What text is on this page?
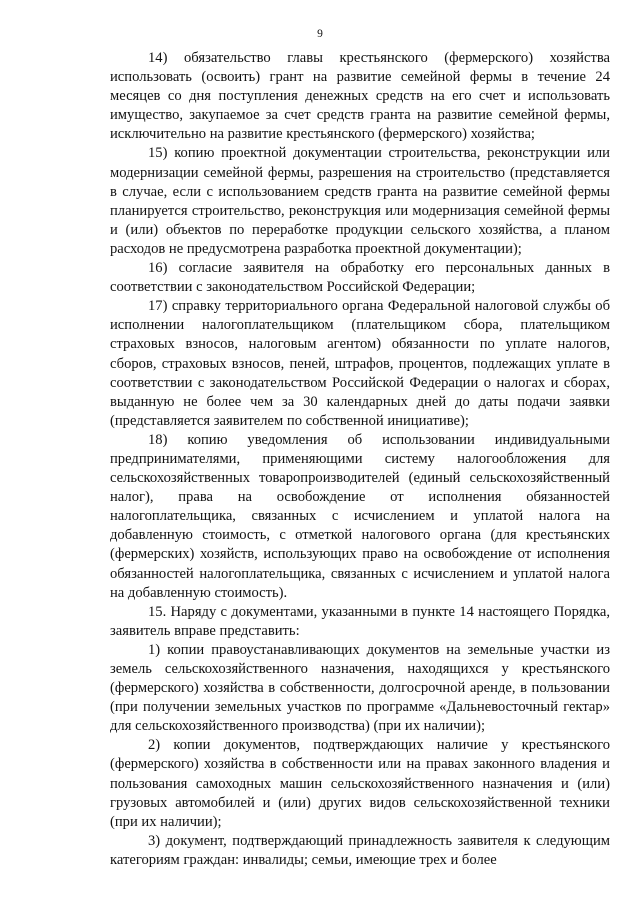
9

14) обязательство главы крестьянского (фермерского) хозяйства использовать (освоить) грант на развитие семейной фермы в течение 24 месяцев со дня поступления денежных средств на его счет и использовать имущество, закупаемое за счет средств гранта на развитие семейной фермы, исключительно на развитие крестьянского (фермерского) хозяйства;

15) копию проектной документации строительства, реконструкции или модернизации семейной фермы, разрешения на строительство (представляется в случае, если с использованием средств гранта на развитие семейной фермы планируется строительство, реконструкция или модернизация семейной фермы и (или) объектов по переработке продукции сельского хозяйства, а планом расходов не предусмотрена разработка проектной документации);

16) согласие заявителя на обработку его персональных данных в соответствии с законодательством Российской Федерации;

17) справку территориального органа Федеральной налоговой службы об исполнении налогоплательщиком (плательщиком сбора, плательщиком страховых взносов, налоговым агентом) обязанности по уплате налогов, сборов, страховых взносов, пеней, штрафов, процентов, подлежащих уплате в соответствии с законодательством Российской Федерации о налогах и сборах, выданную не более чем за 30 календарных дней до даты подачи заявки (представляется заявителем по собственной инициативе);

18) копию уведомления об использовании индивидуальными предпринимателями, применяющими систему налогообложения для сельскохозяйственных товаропроизводителей (единый сельскохозяйственный налог), права на освобождение от исполнения обязанностей налогоплательщика, связанных с исчислением и уплатой налога на добавленную стоимость, с отметкой налогового органа (для крестьянских (фермерских) хозяйств, использующих право на освобождение от исполнения обязанностей налогоплательщика, связанных с исчислением и уплатой налога на добавленную стоимость).

15. Наряду с документами, указанными в пункте 14 настоящего Порядка, заявитель вправе представить:

1) копии правоустанавливающих документов на земельные участки из земель сельскохозяйственного назначения, находящихся у крестьянского (фермерского) хозяйства в собственности, долгосрочной аренде, в пользовании (при получении земельных участков по программе «Дальневосточный гектар» для сельскохозяйственного производства) (при их наличии);

2) копии документов, подтверждающих наличие у крестьянского (фермерского) хозяйства в собственности или на правах законного владения и пользования самоходных машин сельскохозяйственного назначения и (или) грузовых автомобилей и (или) других видов сельскохозяйственной техники (при их наличии);

3) документ, подтверждающий принадлежность заявителя к следующим категориям граждан: инвалиды; семьи, имеющие трех и более
